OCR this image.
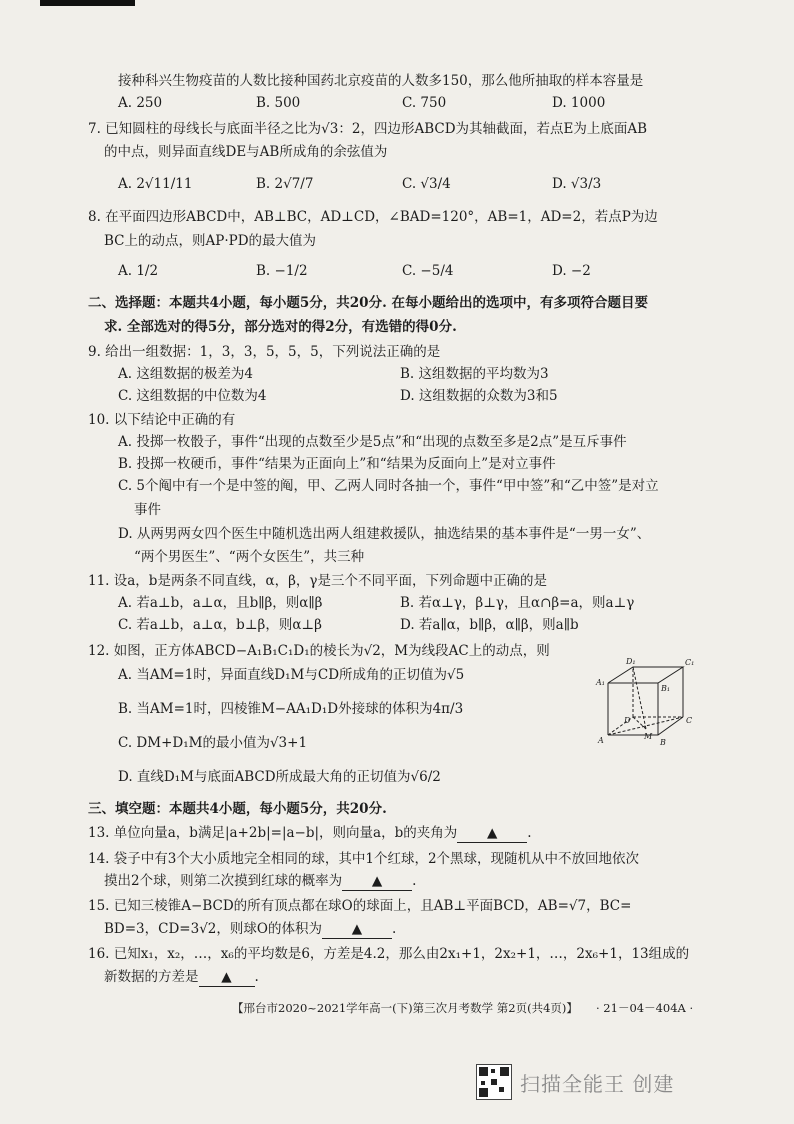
接种科兴生物疫苗的人数比接种国药北京疫苗的人数多150，那么他所抽取的样本容量是
A. 250	B. 500	C. 750	D. 1000
7. 已知圆柱的母线长与底面半径之比为√3：2，四边形ABCD为其轴截面，若点E为上底面AB
的中点，则异面直线DE与AB所成角的余弦值为
A. 2√11/11	B. 2√7/7	C. √3/4	D. √3/3
8. 在平面四边形ABCD中，AB⊥BC，AD⊥CD，∠BAD=120°，AB=1，AD=2，若点P为边
BC上的动点，则AP·PD的最大值为
A. 1/2	B. −1/2	C. −5/4	D. −2
二、选择题：本题共4小题，每小题5分，共20分. 在每小题给出的选项中，有多项符合题目要
求. 全部选对的得5分，部分选对的得2分，有选错的得0分.
9. 给出一组数据：1，3，3，5，5，5，下列说法正确的是
A. 这组数据的极差为4	B. 这组数据的平均数为3
C. 这组数据的中位数为4	D. 这组数据的众数为3和5
10. 以下结论中正确的有
A. 投掷一枚骰子，事件“出现的点数至少是5点”和“出现的点数至多是2点”是互斥事件
B. 投掷一枚硬币，事件“结果为正面向上”和“结果为反面向上”是对立事件
C. 5个阄中有一个是中签的阄，甲、乙两人同时各抽一个，事件“甲中签”和“乙中签”是对立
事件
D. 从两男两女四个医生中随机选出两人组建救援队，抽选结果的基本事件是“一男一女”、
“两个男医生”、“两个女医生”，共三种
11. 设a，b是两条不同直线，α，β，γ是三个不同平面，下列命题中正确的是
A. 若a⊥b，a⊥α，且b∥β，则α∥β	B. 若α⊥γ，β⊥γ，且α∩β=a，则a⊥γ
C. 若a⊥b，a⊥α，b⊥β，则α⊥β	D. 若a∥α，b∥β，α∥β，则a∥b
12. 如图，正方体ABCD−A₁B₁C₁D₁的棱长为√2，M为线段AC上的动点，则
A. 当AM=1时，异面直线D₁M与CD所成角的正切值为√5
B. 当AM=1时，四棱锥M−AA₁D₁D外接球的体积为4π/3
C. DM+D₁M的最小值为√3+1
D. 直线D₁M与底面ABCD所成最大角的正切值为√6/2
D₁	C₁
A₁
B₁
D
A	B
M
C
三、填空题：本题共4小题，每小题5分，共20分.
13. 单位向量a，b满足|a+2b|=|a−b|，则向量a，b的夹角为 ▲ .
14. 袋子中有3个大小质地完全相同的球，其中1个红球，2个黑球，现随机从中不放回地依次
摸出2个球，则第二次摸到红球的概率为 ▲ .
15. 已知三棱锥A−BCD的所有顶点都在球O的球面上，且AB⊥平面BCD，AB=√7，BC=
BD=3，CD=3√2，则球O的体积为 ▲ .
16. 已知x₁，x₂，…，x₆的平均数是6，方差是4.2，那么由2x₁+1，2x₂+1，…，2x₆+1，13组成的
新数据的方差是 ▲ .
【邢台市2020~2021学年高一(下)第三次月考数学 第2页(共4页)】 · 21－04－404A ·
扫描全能王 创建
